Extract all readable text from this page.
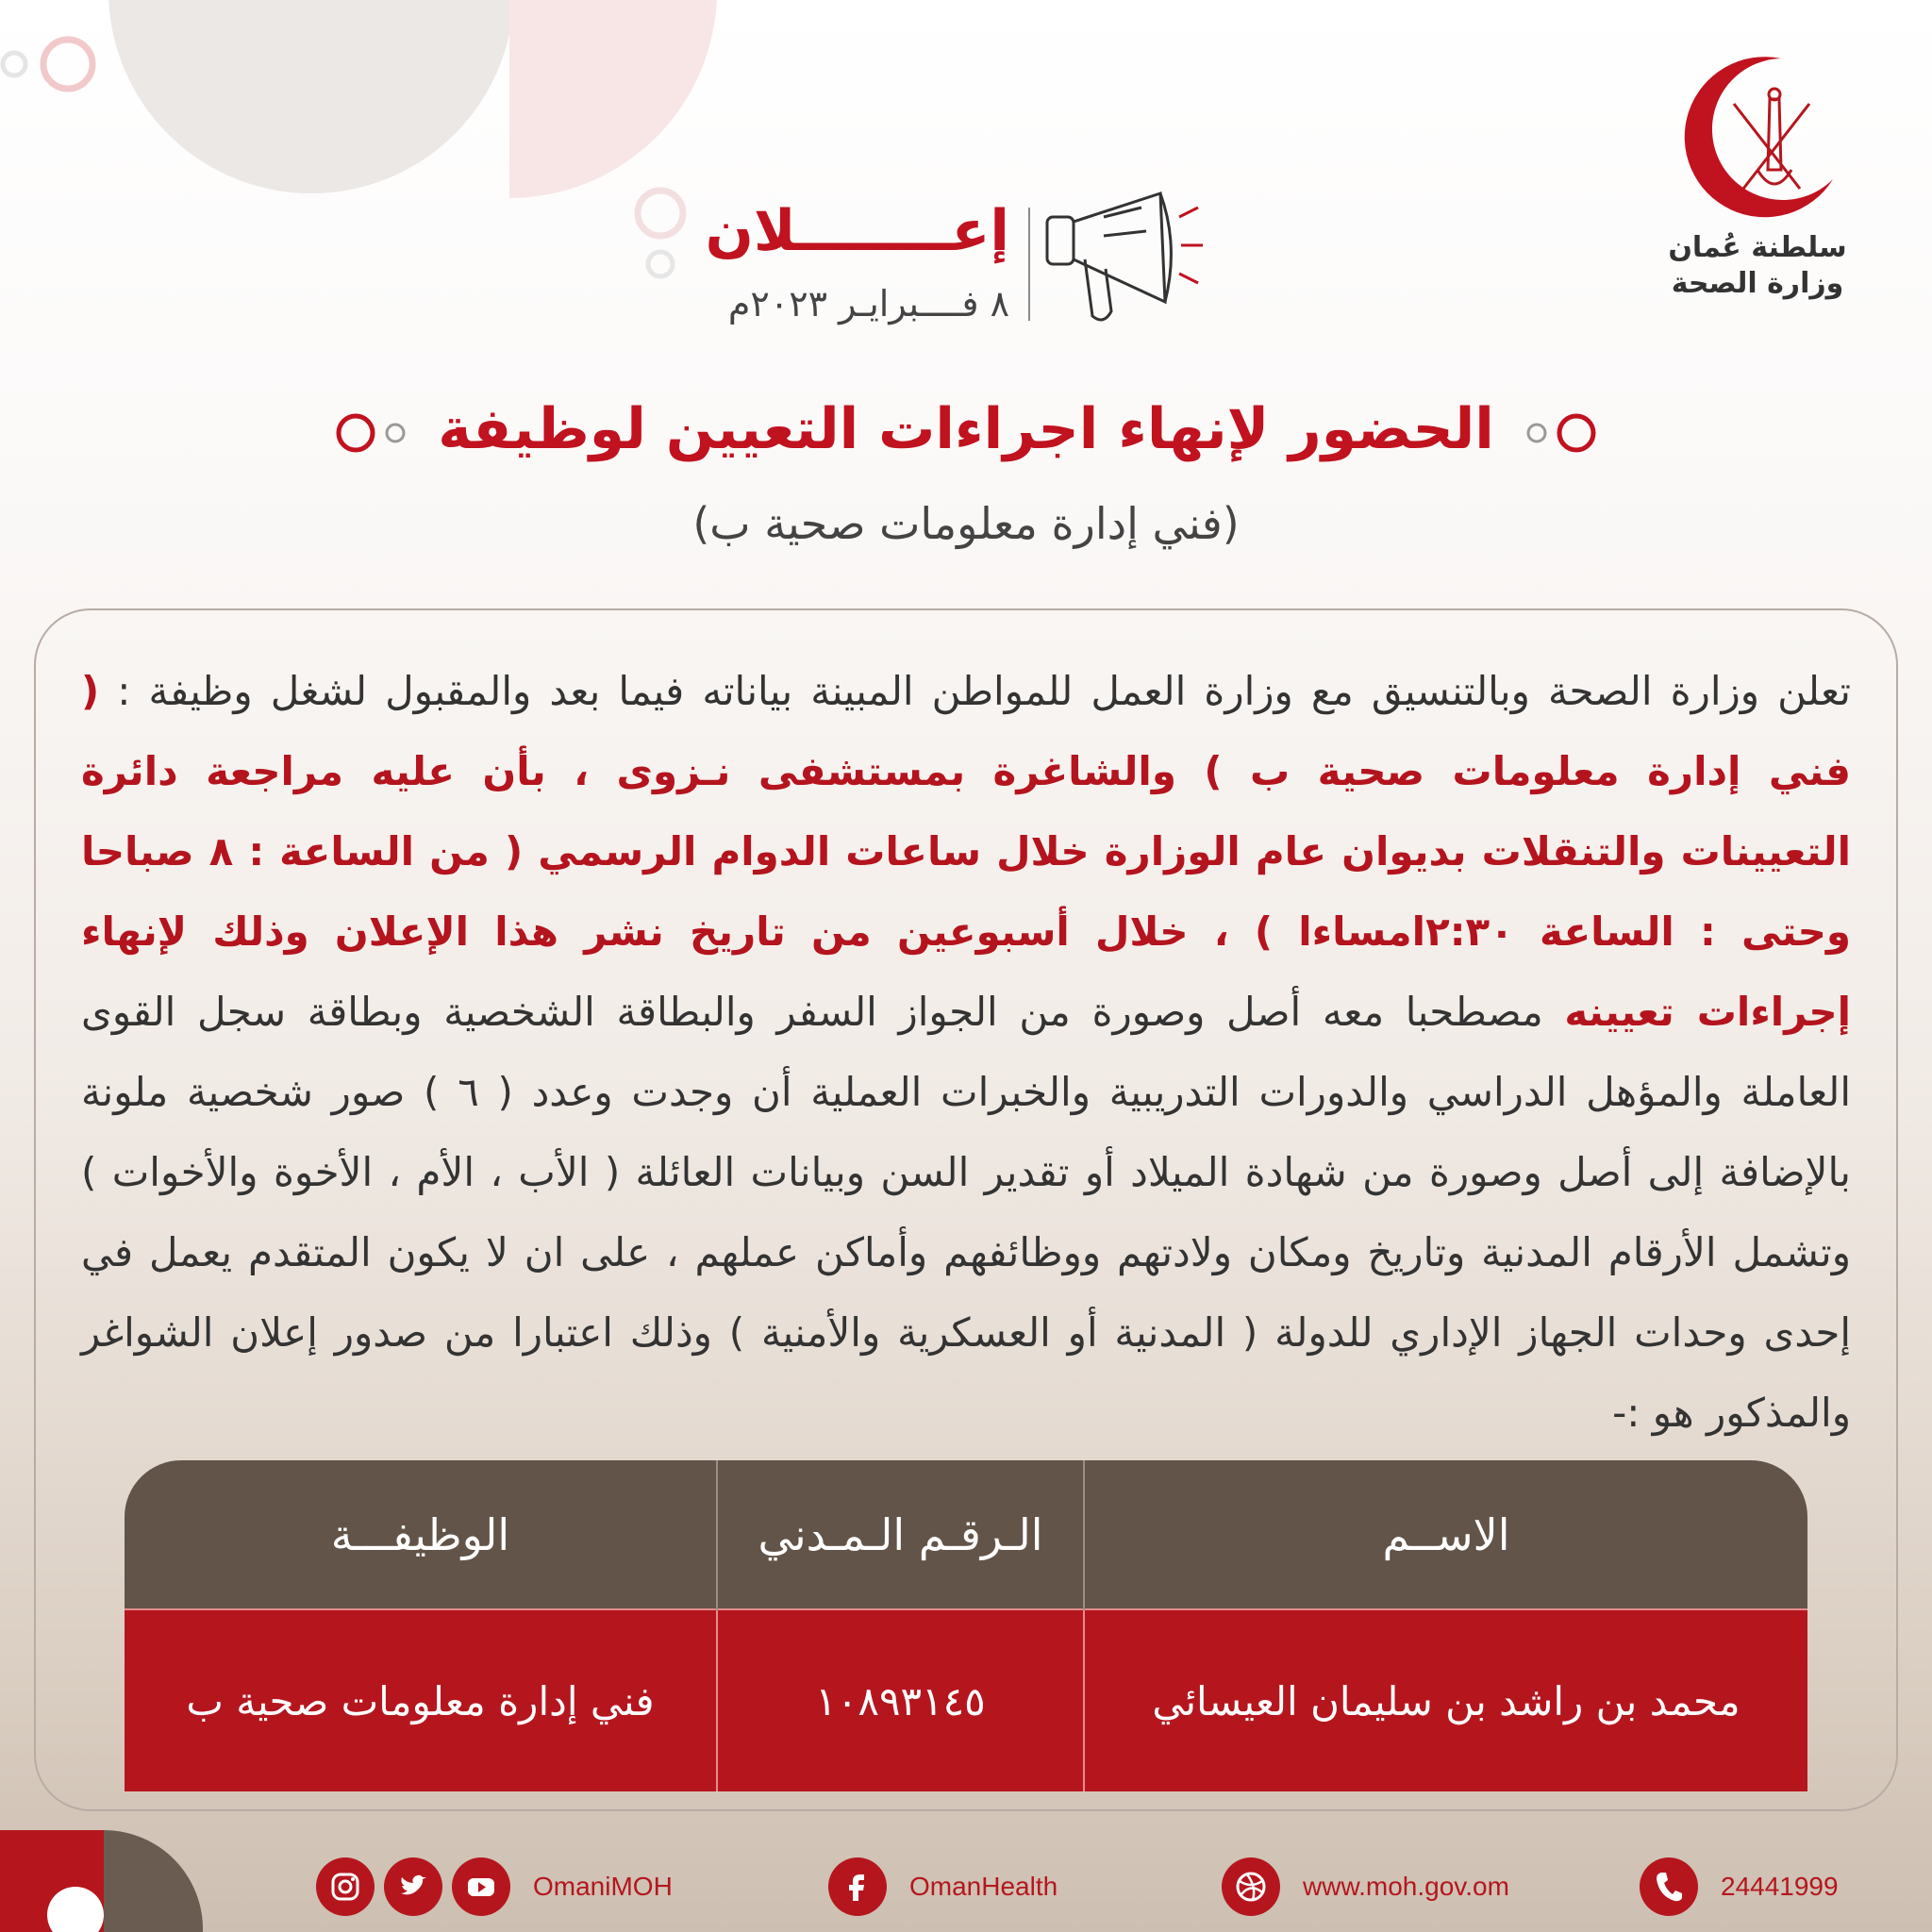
سلطنة عُمان
وزارة الصحة
إعــــــــلان
٨ فــــبرايـر ٢٠٢٣م
الحضور لإنهاء اجراءات التعيين لوظيفة
(فني إدارة معلومات صحية ب)
تعلن وزارة الصحة وبالتنسيق مع وزارة العمل للمواطن المبينة بياناته فيما بعد والمقبول لشغل وظيفة : ( فني إدارة معلومات صحية ب ) والشاغرة بمستشفى نـزوى ، بأن عليه مراجعة دائرة التعيينات والتنقلات بديوان عام الوزارة خلال ساعات الدوام الرسمي ( من الساعة : ٨ صباحا وحتى : الساعة ٢:٣٠امساءا ) ، خلال أسبوعين من تاريخ نشر هذا الإعلان وذلك لإنهاء إجراءات تعيينه مصطحبا معه أصل وصورة من الجواز السفر والبطاقة الشخصية وبطاقة سجل القوى العاملة والمؤهل الدراسي والدورات التدريبية والخبرات العملية أن وجدت وعدد ( ٦ ) صور شخصية ملونة بالإضافة إلى أصل وصورة من شهادة الميلاد أو تقدير السن وبيانات العائلة ( الأب ، الأم ، الأخوة والأخوات ) وتشمل الأرقام المدنية وتاريخ ومكان ولادتهم ووظائفهم وأماكن عملهم ، على ان لا يكون المتقدم يعمل في إحدى وحدات الجهاز الإداري للدولة ( المدنية أو العسكرية والأمنية ) وذلك اعتبارا من صدور إعلان الشواغر والمذكور هو :-
الاســم	الـرقـم الـمـدني	الوظيفـــة
محمد بن راشد بن سليمان العيسائي	١٠٨٩٣١٤٥	فني إدارة معلومات صحية ب
OmaniMOH	OmanHealth	www.moh.gov.om	24441999
